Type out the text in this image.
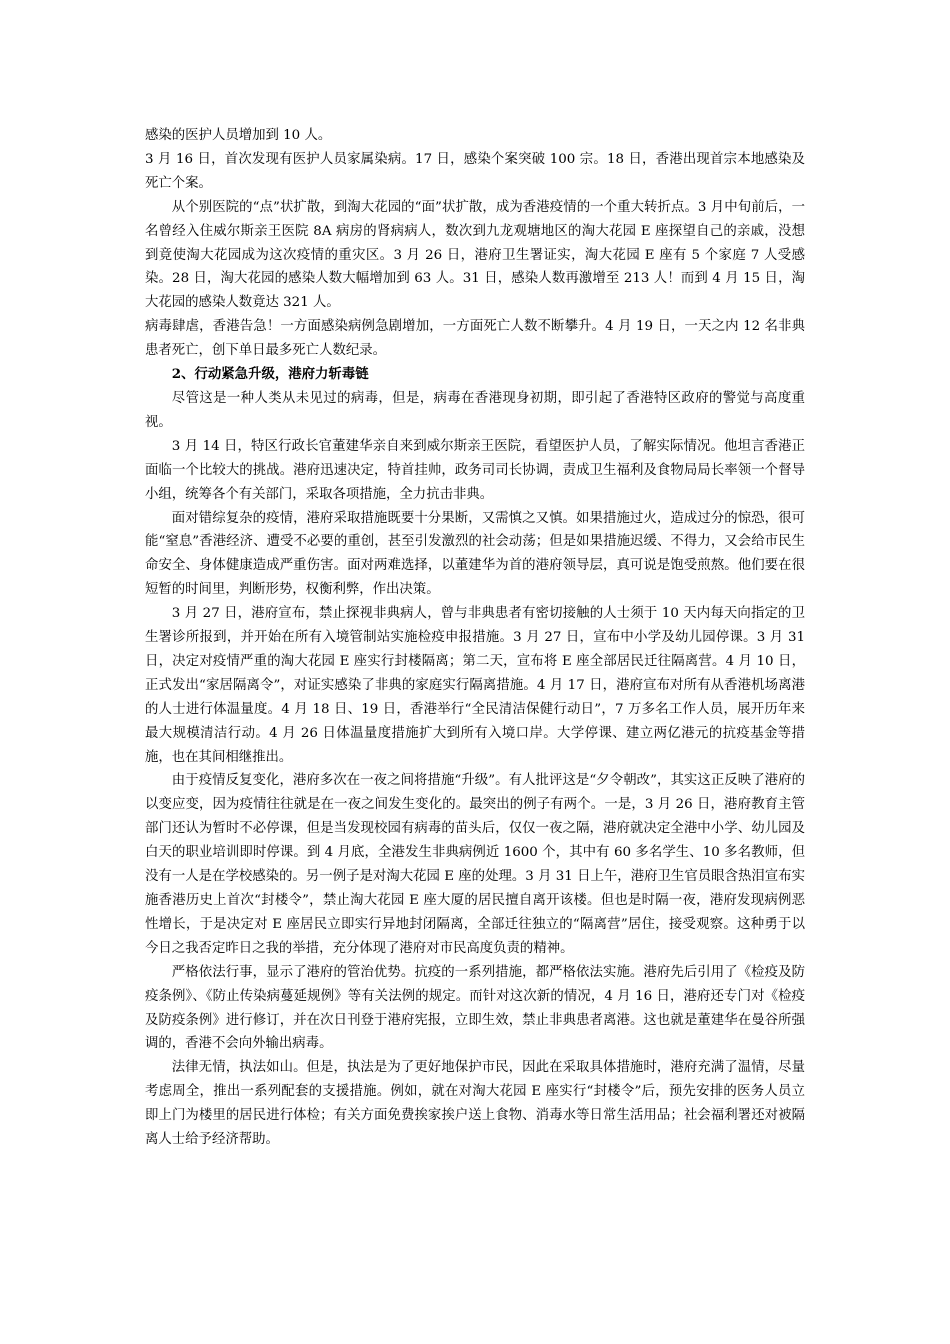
感染的医护人员增加到 10 人。

3 月 16 日，首次发现有医护人员家属染病。17 日，感染个案突破 100 宗。18 日，香港出现首宗本地感染及死亡个案。

从个别医院的“点”状扩散，到淘大花园的“面”状扩散，成为香港疫情的一个重大转折点。3 月中旬前后，一名曾经入住威尔斯亲王医院 8A 病房的肾病病人，数次到九龙观塘地区的淘大花园 E 座探望自己的亲戚，没想到竟使淘大花园成为这次疫情的重灾区。3 月 26 日，港府卫生署证实，淘大花园 E 座有 5 个家庭 7 人受感染。28 日，淘大花园的感染人数大幅增加到 63 人。31 日，感染人数再激增至 213 人！而到 4 月 15 日，淘大花园的感染人数竟达 321 人。

病毒肆虐，香港告急！一方面感染病例急剧增加，一方面死亡人数不断攀升。4 月 19 日，一天之内 12 名非典患者死亡，创下单日最多死亡人数纪录。

2、行动紧急升级，港府力斩毒链

尽管这是一种人类从未见过的病毒，但是，病毒在香港现身初期，即引起了香港特区政府的警觉与高度重视。

3 月 14 日，特区行政长官董建华亲自来到威尔斯亲王医院，看望医护人员，了解实际情况。他坦言香港正面临一个比较大的挑战。港府迅速决定，特首挂帅，政务司司长协调，责成卫生福利及食物局局长率领一个督导小组，统筹各个有关部门，采取各项措施，全力抗击非典。

面对错综复杂的疫情，港府采取措施既要十分果断，又需慎之又慎。如果措施过火，造成过分的惊恐，很可能“窒息”香港经济、遭受不必要的重创，甚至引发激烈的社会动荡；但是如果措施迟缓、不得力，又会给市民生命安全、身体健康造成严重伤害。面对两难选择，以董建华为首的港府领导层，真可说是饱受煎熬。他们要在很短暂的时间里，判断形势，权衡利弊，作出决策。

3 月 27 日，港府宣布，禁止探视非典病人，曾与非典患者有密切接触的人士须于 10 天内每天向指定的卫生署诊所报到，并开始在所有入境管制站实施检疫申报措施。3 月 27 日，宣布中小学及幼儿园停课。3 月 31 日，决定对疫情严重的淘大花园 E 座实行封楼隔离；第二天，宣布将 E 座全部居民迁往隔离营。4 月 10 日，正式发出“家居隔离令”，对证实感染了非典的家庭实行隔离措施。4 月 17 日，港府宣布对所有从香港机场离港的人士进行体温量度。4 月 18 日、19 日，香港举行“全民清洁保健行动日”，7 万多名工作人员，展开历年来最大规模清洁行动。4 月 26 日体温量度措施扩大到所有入境口岸。大学停课、建立两亿港元的抗疫基金等措施，也在其间相继推出。

由于疫情反复变化，港府多次在一夜之间将措施“升级”。有人批评这是“夕令朝改”，其实这正反映了港府的以变应变，因为疫情往往就是在一夜之间发生变化的。最突出的例子有两个。一是，3 月 26 日，港府教育主管部门还认为暂时不必停课，但是当发现校园有病毒的苗头后，仅仅一夜之隔，港府就决定全港中小学、幼儿园及白天的职业培训即时停课。到 4 月底，全港发生非典病例近 1600 个，其中有 60 多名学生、10 多名教师，但没有一人是在学校感染的。另一例子是对淘大花园 E 座的处理。3 月 31 日上午，港府卫生官员眼含热泪宣布实施香港历史上首次“封楼令”，禁止淘大花园 E 座大厦的居民擅自离开该楼。但也是时隔一夜，港府发现病例恶性增长，于是决定对 E 座居民立即实行异地封闭隔离，全部迁往独立的“隔离营”居住，接受观察。这种勇于以今日之我否定昨日之我的举措，充分体现了港府对市民高度负责的精神。

严格依法行事，显示了港府的管治优势。抗疫的一系列措施，都严格依法实施。港府先后引用了《检疫及防疫条例》、《防止传染病蔓延规例》等有关法例的规定。而针对这次新的情况，4 月 16 日，港府还专门对《检疫及防疫条例》进行修订，并在次日刊登于港府宪报，立即生效，禁止非典患者离港。这也就是董建华在曼谷所强调的，香港不会向外输出病毒。

法律无情，执法如山。但是，执法是为了更好地保护市民，因此在采取具体措施时，港府充满了温情，尽量考虑周全，推出一系列配套的支援措施。例如，就在对淘大花园 E 座实行“封楼令”后，预先安排的医务人员立即上门为楼里的居民进行体检；有关方面免费挨家挨户送上食物、消毒水等日常生活用品；社会福利署还对被隔离人士给予经济帮助。
